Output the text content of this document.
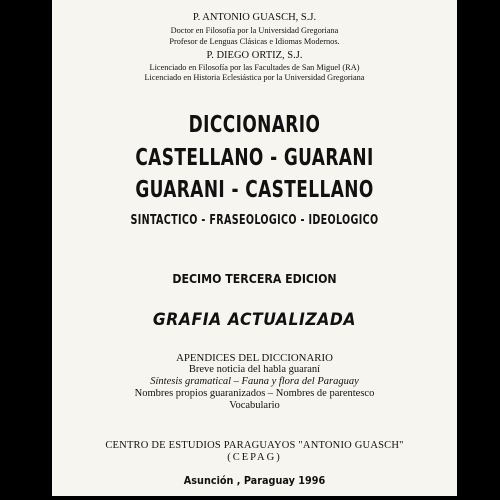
P. ANTONIO GUASCH, S.J.
Doctor en Filosofía por la Universidad Gregoriana
Profesor de Lenguas Clásicas e Idiomas Modernos.
P. DIEGO ORTIZ, S.J.
Licenciado en Filosofía por las Facultades de San Miguel (RA)
Licenciado en Historia Eclesiástica por la Universidad Gregoriana
DICCIONARIO
CASTELLANO - GUARANI
GUARANI - CASTELLANO
SINTACTICO - FRASEOLOGICO - IDEOLOGICO
DECIMO TERCERA EDICION
GRAFIA ACTUALIZADA
APENDICES DEL DICCIONARIO
Breve noticia del habla guaraní
Síntesis gramatical – Fauna y flora del Paraguay
Nombres propios guaranizados – Nombres de parentesco
Vocabulario
CENTRO DE ESTUDIOS PARAGUAYOS "ANTONIO GUASCH"
(CEPAG)
Asunción , Paraguay 1996
